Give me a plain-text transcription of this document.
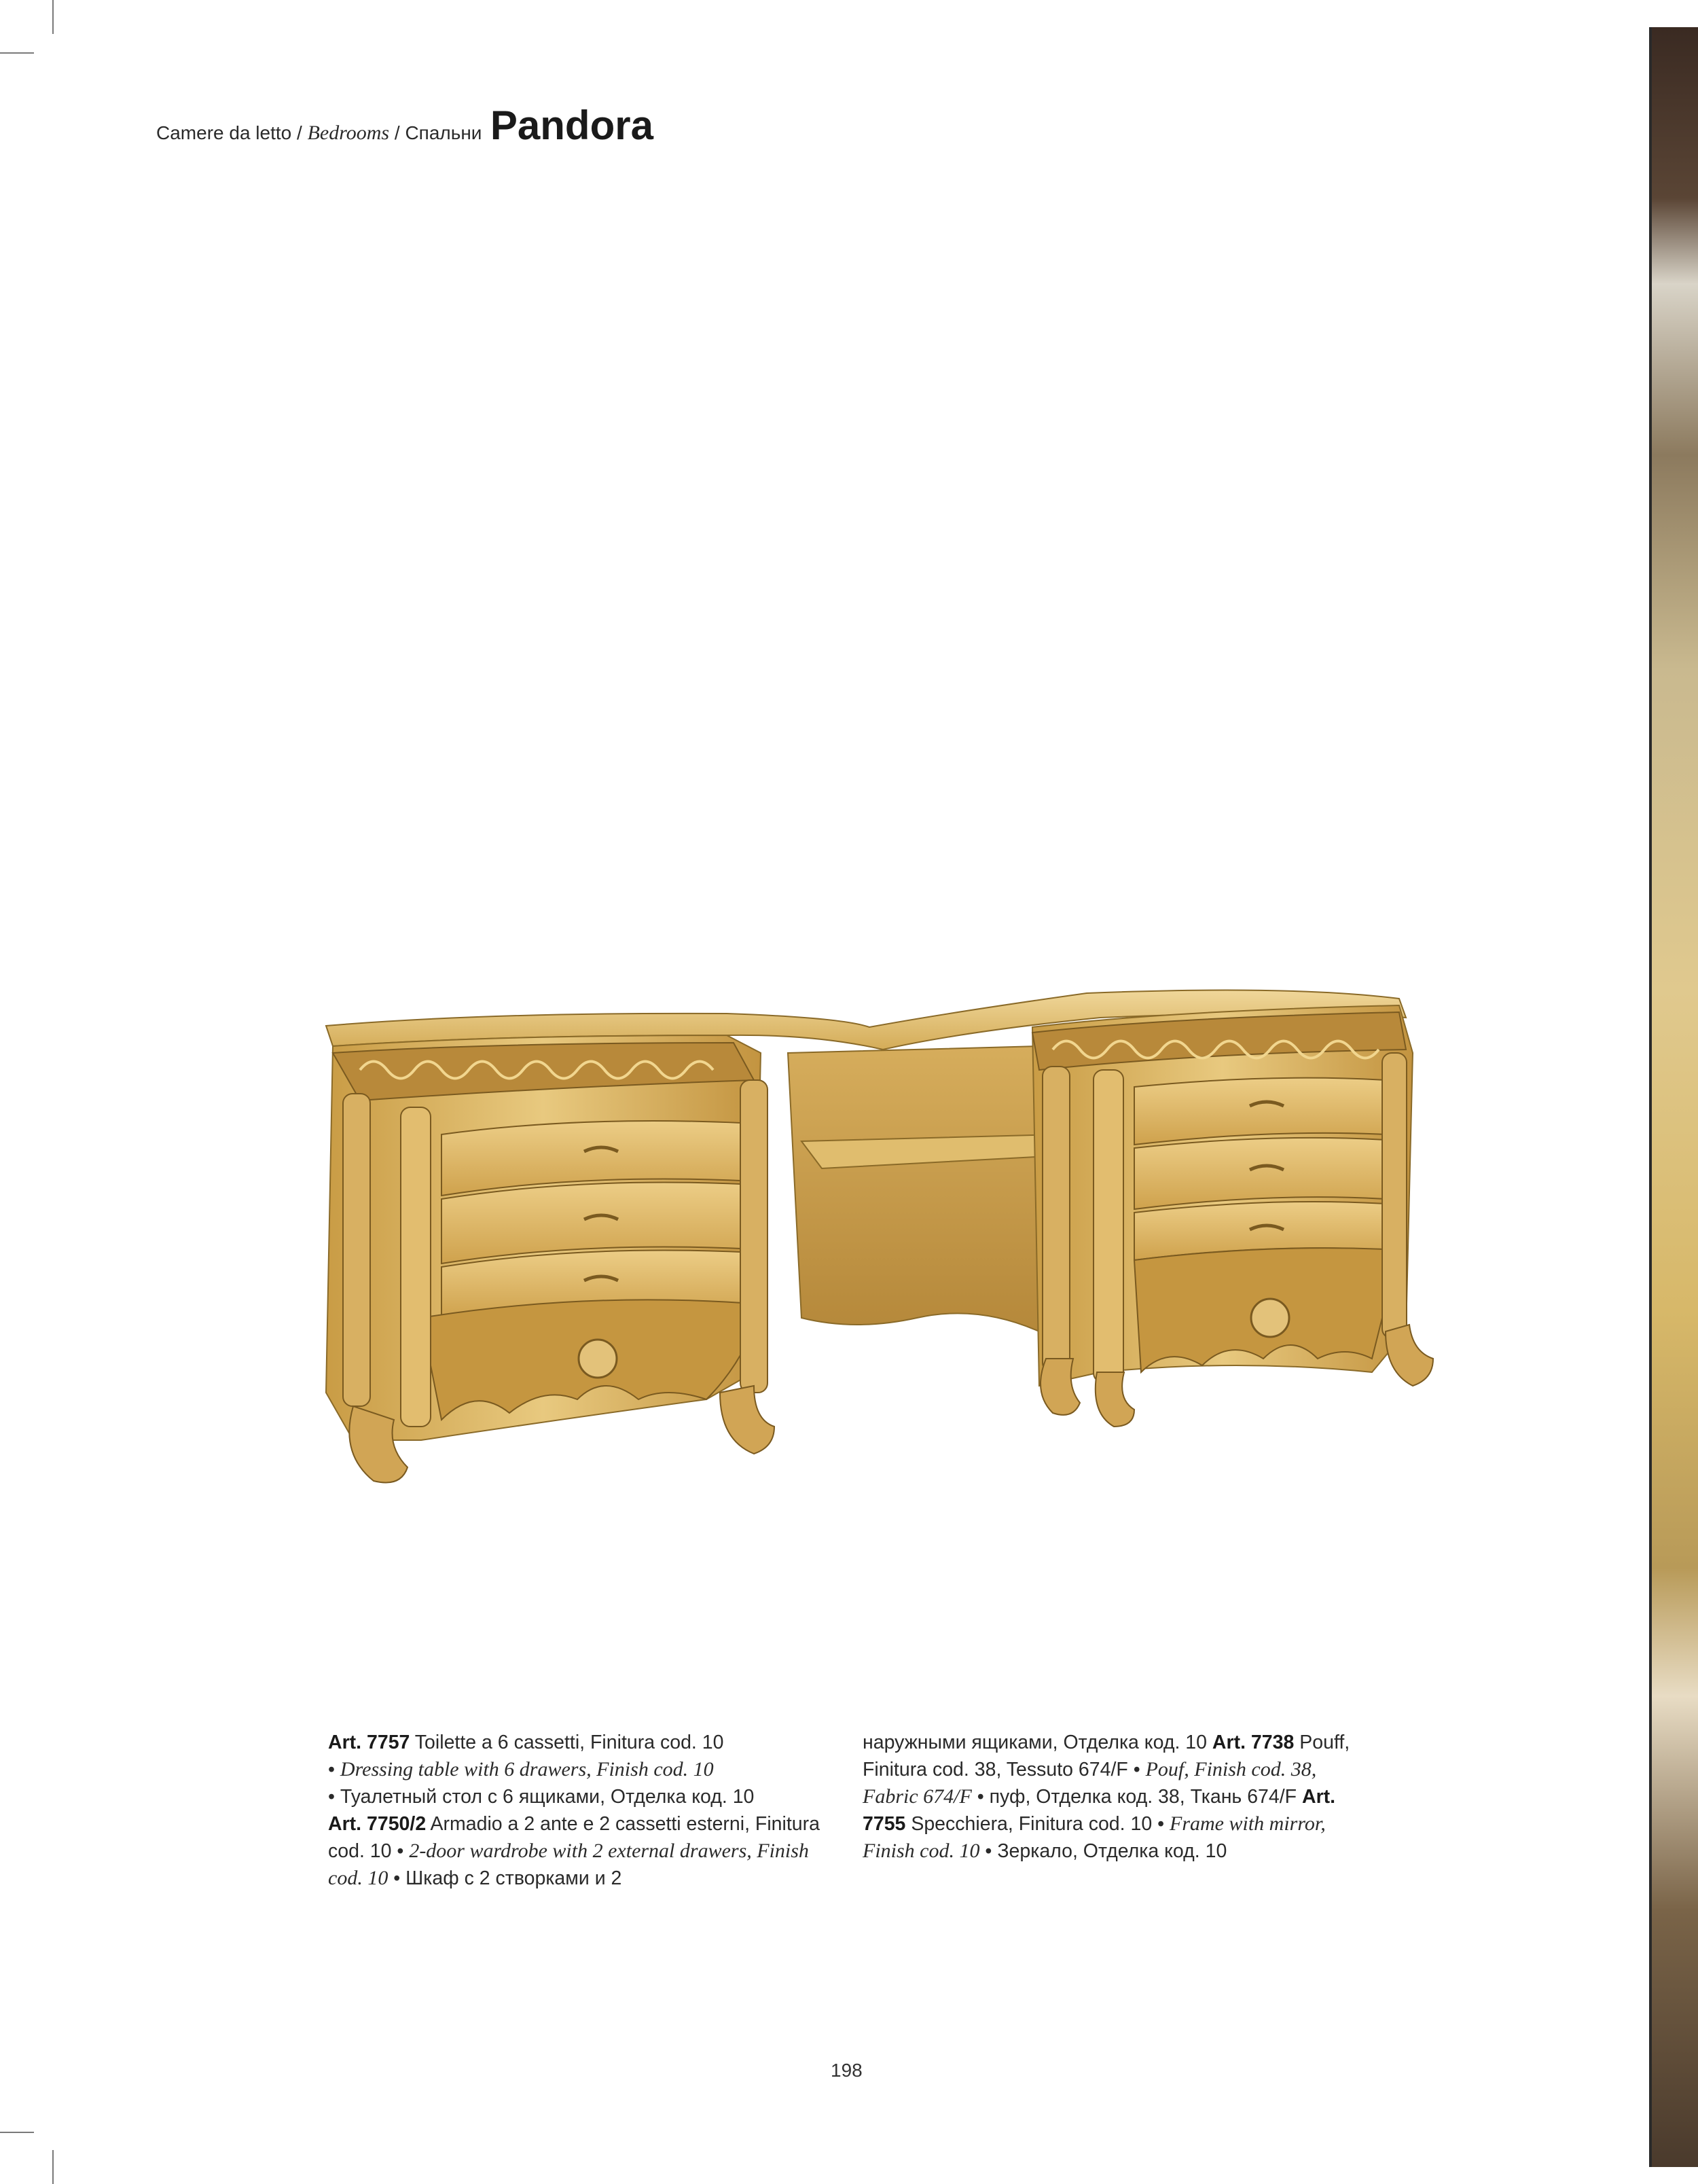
Camere da letto / Bedrooms / Спальни Pandora
Art. 7757 Toilette a 6 cassetti, Finitura cod. 10
• Dressing table with 6 drawers, Finish cod. 10
• Туалетный стол с 6 ящиками, Отделка код. 10
Art. 7750/2 Armadio a 2 ante e 2 cassetti esterni, Finitura cod. 10 • 2-door wardrobe with 2 external drawers, Finish cod. 10 • Шкаф с 2 створками и 2
наружными ящиками, Отделка код. 10 Art. 7738 Pouff, Finitura cod. 38, Tessuto 674/F • Pouf, Finish cod. 38, Fabric 674/F • пуф, Отделка код. 38, Ткань 674/F Art. 7755 Specchiera, Finitura cod. 10 • Frame with mirror, Finish cod. 10 • Зеркало, Отделка код. 10
198
